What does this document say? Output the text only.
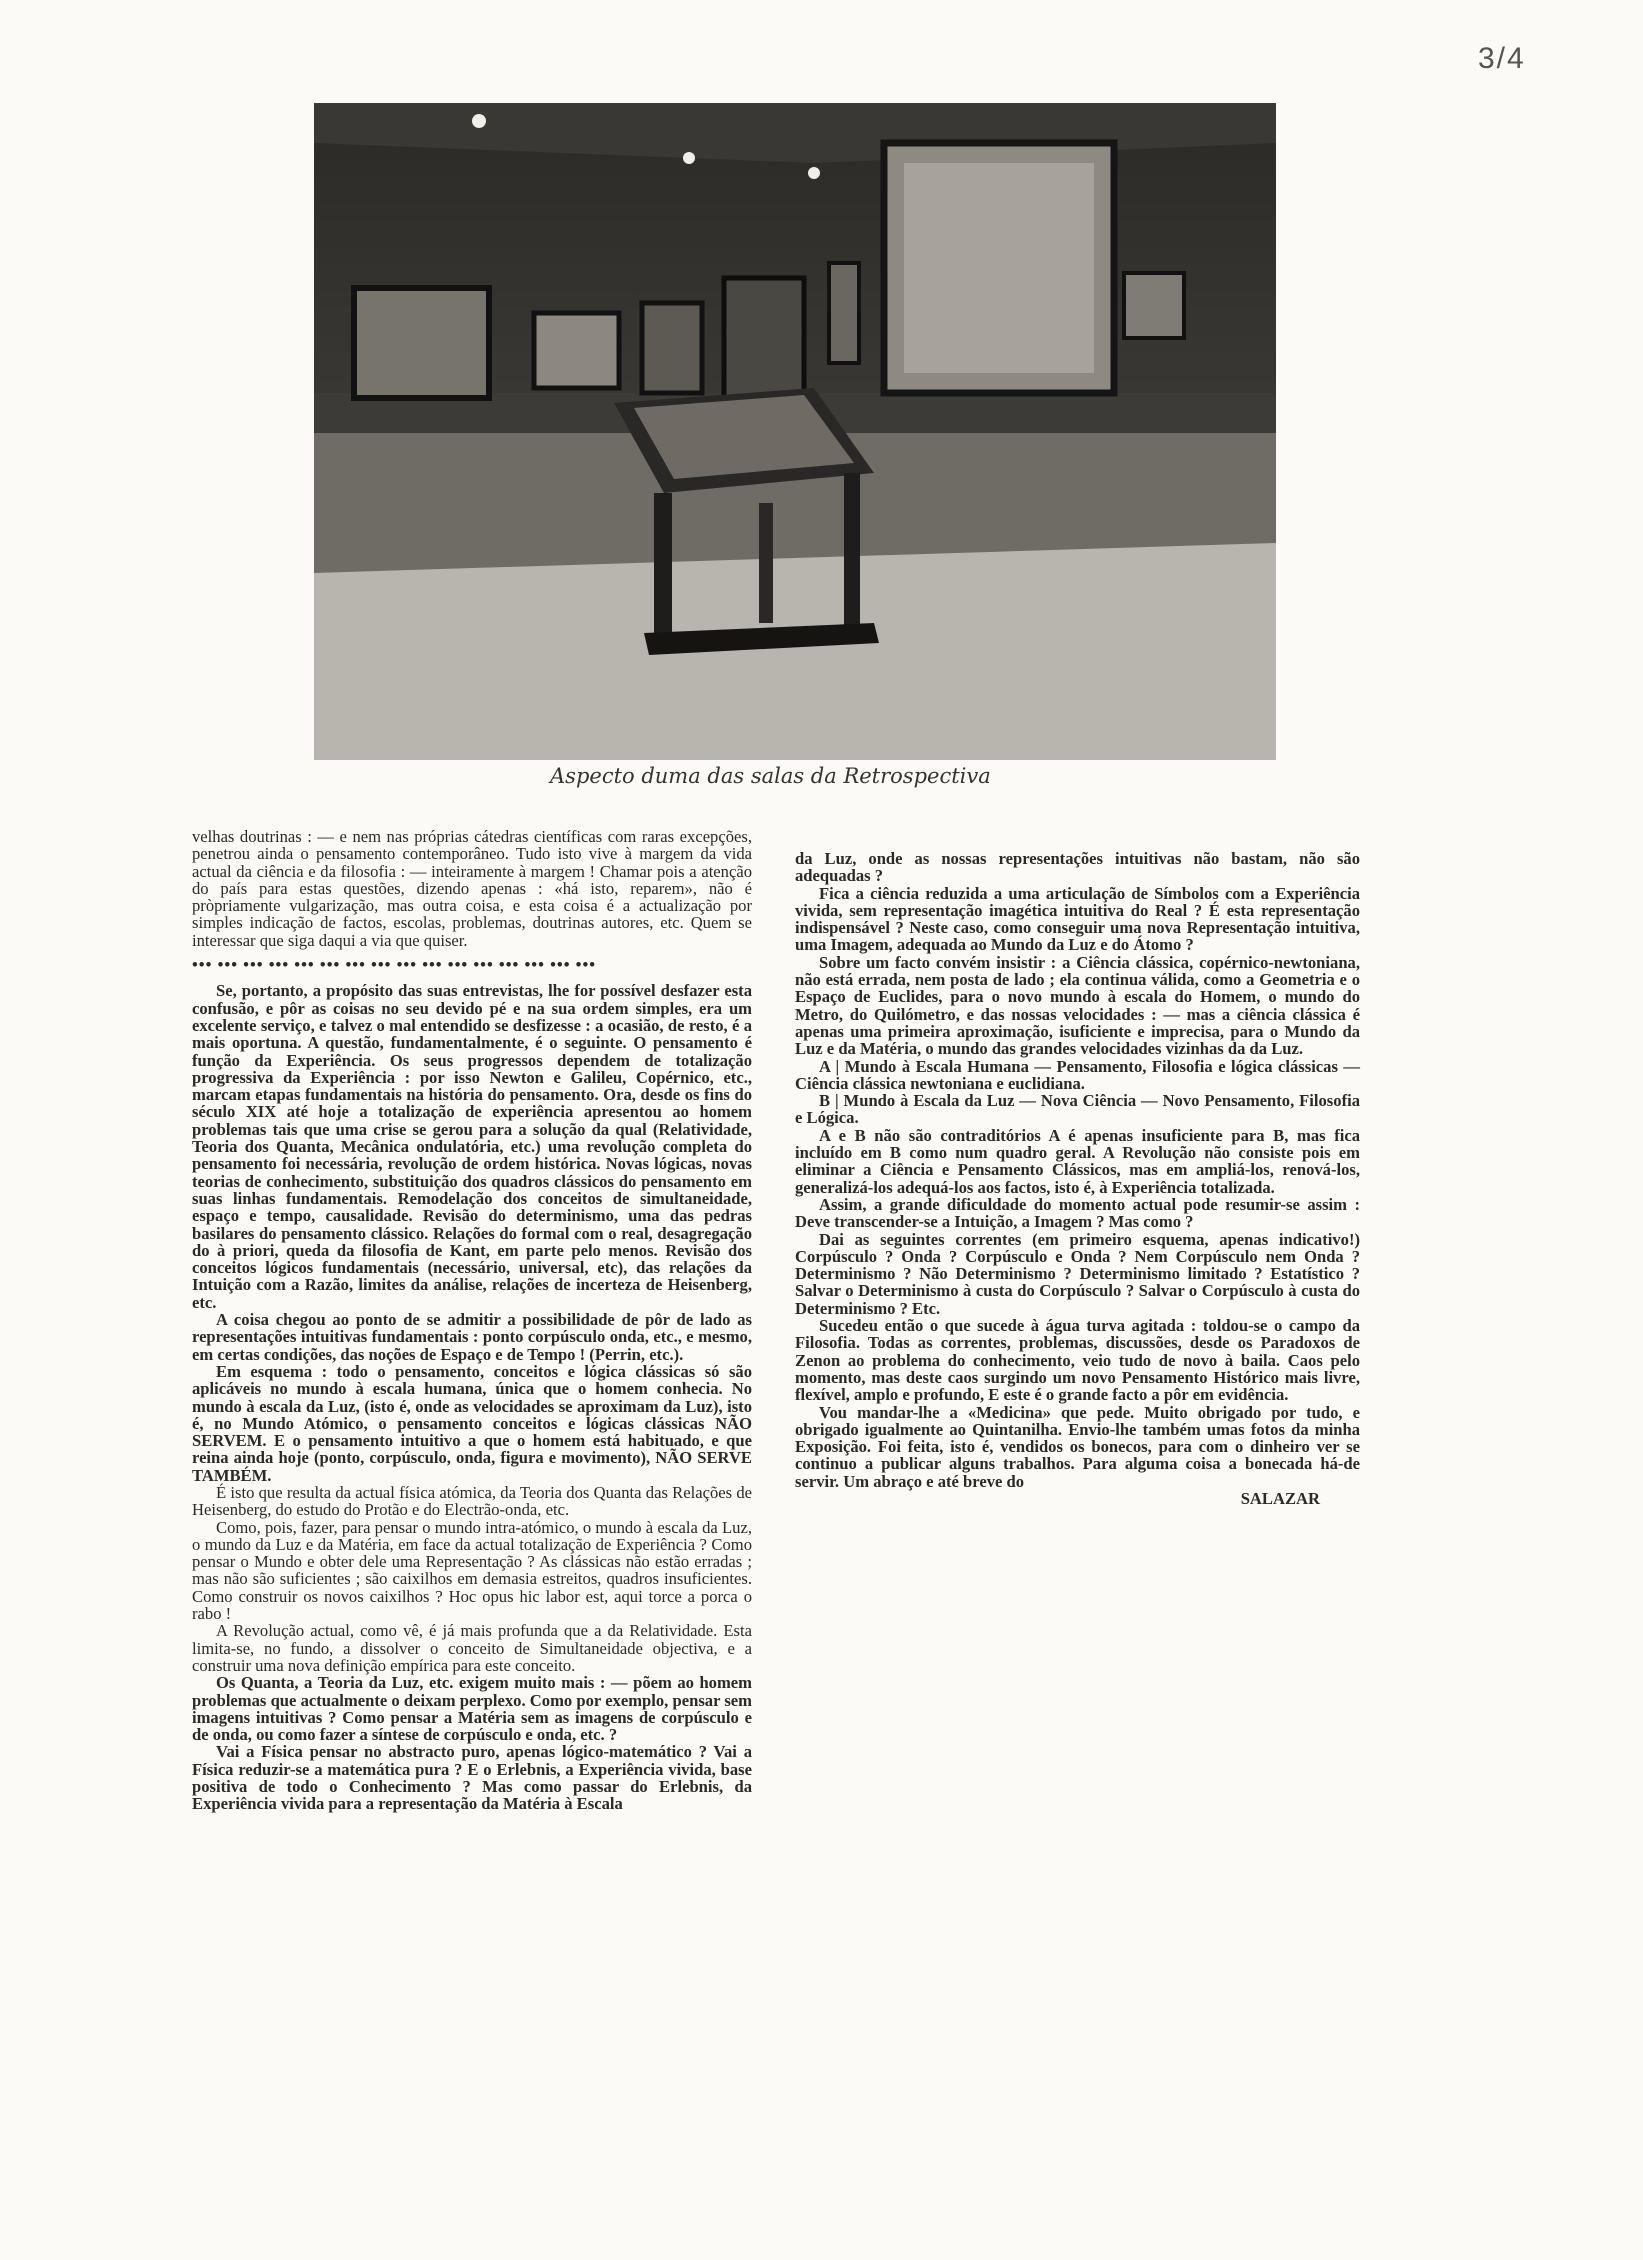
3/4
Aspecto duma das salas da Retrospectiva

velhas doutrinas : — e nem nas próprias cátedras científicas com raras excepções, penetrou ainda o pensamento contemporâneo. Tudo isto vive à margem da vida actual da ciência e da filosofia : — inteiramente à margem ! Chamar pois a atenção do país para estas questões, dizendo apenas : «há isto, reparem», não é pròpriamente vulgarização, mas outra coisa, e esta coisa é a actualização por simples indicação de factos, escolas, problemas, doutrinas autores, etc. Quem se interessar que siga daqui a via que quiser.

••• ••• ••• ••• ••• ••• ••• ••• ••• ••• ••• ••• ••• ••• ••• •••

Se, portanto, a propósito das suas entrevistas, lhe for possível desfazer esta confusão, e pôr as coisas no seu devido pé e na sua ordem simples, era um excelente serviço, e talvez o mal entendido se desfizesse : a ocasião, de resto, é a mais oportuna. A questão, fundamentalmente, é o seguinte. O pensamento é função da Experiência. Os seus progressos dependem de totalização progressiva da Experiência : por isso Newton e Galileu, Copérnico, etc., marcam etapas fundamentais na história do pensamento. Ora, desde os fins do século XIX até hoje a totalização de experiência apresentou ao homem problemas tais que uma crise se gerou para a solução da qual (Relatividade, Teoria dos Quanta, Mecânica ondulatória, etc.) uma revolução completa do pensamento foi necessária, revolução de ordem histórica. Novas lógicas, novas teorias de conhecimento, substituição dos quadros clássicos do pensamento em suas linhas fundamentais. Remodelação dos conceitos de simultaneidade, espaço e tempo, causalidade. Revisão do determinismo, uma das pedras basilares do pensamento clássico. Relações do formal com o real, desagregação do à priori, queda da filosofia de Kant, em parte pelo menos. Revisão dos conceitos lógicos fundamentais (necessário, universal, etc), das relações da Intuição com a Razão, limites da análise, relações de incerteza de Heisenberg, etc.

A coisa chegou ao ponto de se admitir a possibilidade de pôr de lado as representações intuitivas fundamentais : ponto corpúsculo onda, etc., e mesmo, em certas condições, das noções de Espaço e de Tempo ! (Perrin, etc.).

Em esquema : todo o pensamento, conceitos e lógica clássicas só são aplicáveis no mundo à escala humana, única que o homem conhecia. No mundo à escala da Luz, (isto é, onde as velocidades se aproximam da Luz), isto é, no Mundo Atómico, o pensamento conceitos e lógicas clássicas NÃO SERVEM. E o pensamento intuitivo a que o homem está habituado, e que reina ainda hoje (ponto, corpúsculo, onda, figura e movimento), NÃO SERVE TAMBÉM.

É isto que resulta da actual física atómica, da Teoria dos Quanta das Relações de Heisenberg, do estudo do Protão e do Electrão-onda, etc.

Como, pois, fazer, para pensar o mundo intra-atómico, o mundo à escala da Luz, o mundo da Luz e da Matéria, em face da actual totalização de Experiência ? Como pensar o Mundo e obter dele uma Representação ? As clássicas não estão erradas ; mas não são suficientes ; são caixilhos em demasia estreitos, quadros insuficientes. Como construir os novos caixilhos ? Hoc opus hic labor est, aqui torce a porca o rabo !

A Revolução actual, como vê, é já mais profunda que a da Relatividade. Esta limita-se, no fundo, a dissolver o conceito de Simultaneidade objectiva, e a construir uma nova definição empírica para este conceito.

Os Quanta, a Teoria da Luz, etc. exigem muito mais : — põem ao homem problemas que actualmente o deixam perplexo. Como por exemplo, pensar sem imagens intuitivas ? Como pensar a Matéria sem as imagens de corpúsculo e de onda, ou como fazer a síntese de corpúsculo e onda, etc. ?

Vai a Física pensar no abstracto puro, apenas lógico-matemático ? Vai a Física reduzir-se a matemática pura ? E o Erlebnis, a Experiência vivida, base positiva de todo o Conhecimento ? Mas como passar do Erlebnis, da Experiência vivida para a representação da Matéria à Escala

da Luz, onde as nossas representações intuitivas não bastam, não são adequadas ?

Fica a ciência reduzida a uma articulação de Símbolos com a Experiência vivida, sem representação imagética intuitiva do Real ? É esta representação indispensável ? Neste caso, como conseguir uma nova Representação intuitiva, uma Imagem, adequada ao Mundo da Luz e do Átomo ?

Sobre um facto convém insistir : a Ciência clássica, copérnico-newtoniana, não está errada, nem posta de lado ; ela continua válida, como a Geometria e o Espaço de Euclides, para o novo mundo à escala do Homem, o mundo do Metro, do Quilómetro, e das nossas velocidades : — mas a ciência clássica é apenas uma primeira aproximação, isuficiente e imprecisa, para o Mundo da Luz e da Matéria, o mundo das grandes velocidades vizinhas da da Luz.

A | Mundo à Escala Humana — Pensamento, Filosofia e lógica clássicas — Ciência clássica newtoniana e euclidiana.

B | Mundo à Escala da Luz — Nova Ciência — Novo Pensamento, Filosofia e Lógica.

A e B não são contraditórios A é apenas insuficiente para B, mas fica incluído em B como num quadro geral. A Revolução não consiste pois em eliminar a Ciência e Pensamento Clássicos, mas em ampliá-los, renová-los, generalizá-los adequá-los aos factos, isto é, à Experiência totalizada.

Assim, a grande dificuldade do momento actual pode resumir-se assim : Deve transcender-se a Intuição, a Imagem ? Mas como ?

Dai as seguintes correntes (em primeiro esquema, apenas indicativo!) Corpúsculo ? Onda ? Corpúsculo e Onda ? Nem Corpúsculo nem Onda ? Determinismo ? Não Determinismo ? Determinismo limitado ? Estatístico ? Salvar o Determinismo à custa do Corpúsculo ? Salvar o Corpúsculo à custa do Determinismo ? Etc.

Sucedeu então o que sucede à água turva agitada : toldou-se o campo da Filosofia. Todas as correntes, problemas, discussões, desde os Paradoxos de Zenon ao problema do conhecimento, veio tudo de novo à baila. Caos pelo momento, mas deste caos surgindo um novo Pensamento Histórico mais livre, flexível, amplo e profundo, E este é o grande facto a pôr em evidência.

Vou mandar-lhe a «Medicina» que pede. Muito obrigado por tudo, e obrigado igualmente ao Quintanilha. Envio-lhe também umas fotos da minha Exposição. Foi feita, isto é, vendidos os bonecos, para com o dinheiro ver se continuo a publicar alguns trabalhos. Para alguma coisa a bonecada há-de servir. Um abraço e até breve do

SALAZAR
